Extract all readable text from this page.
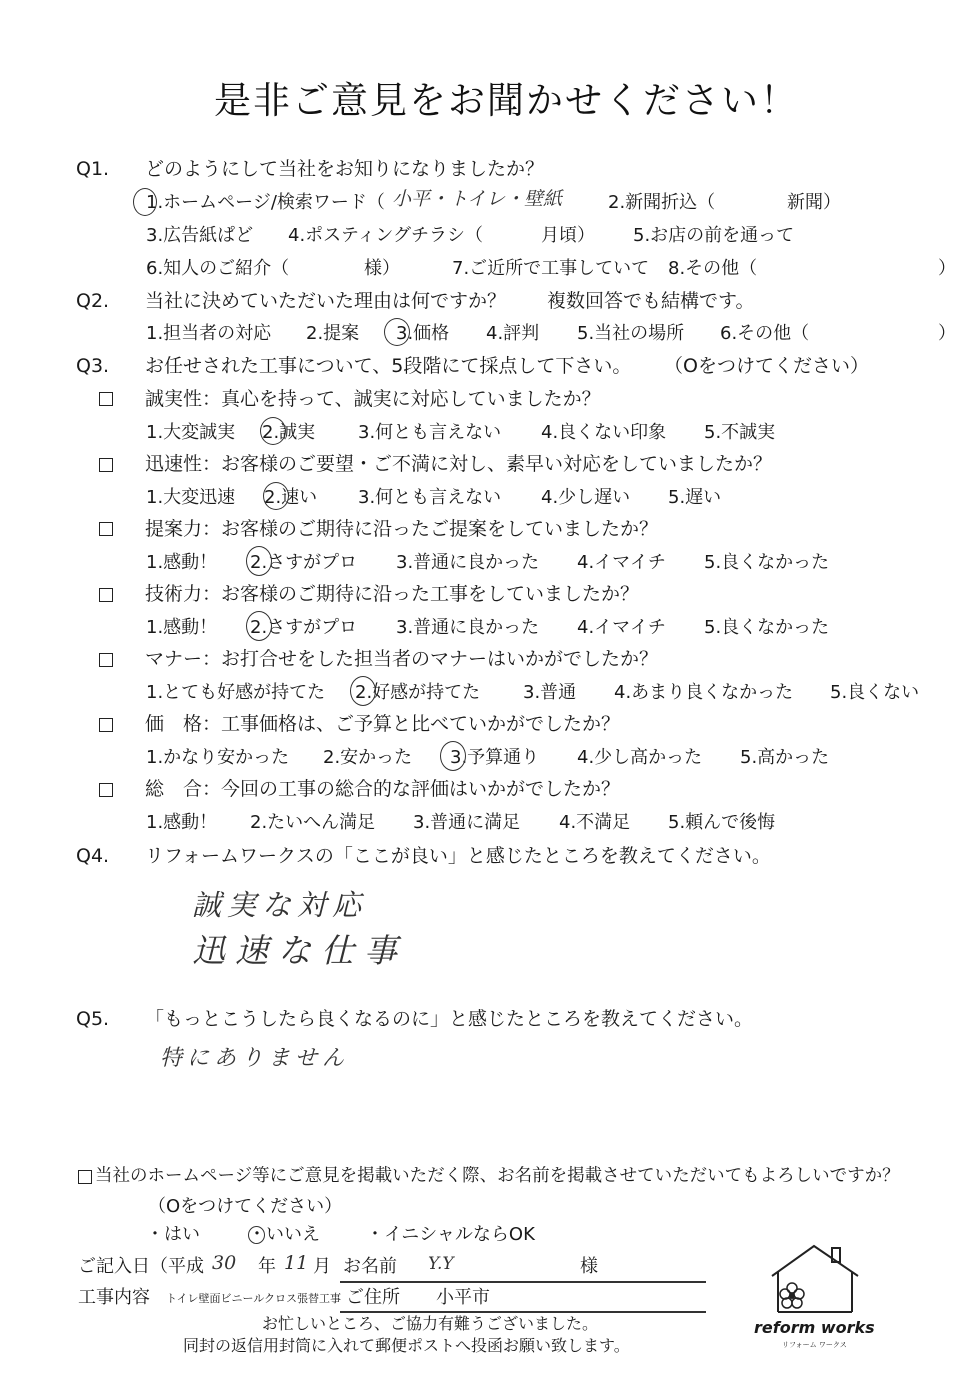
是非ご意見をお聞かせください！
Q1. どのようにして当社をお知りになりましたか？
1.ホームページ/検索ワード（ 小平・トイレ・壁紙	2.新聞折込（	新聞）
3.広告紙ぱど 4.ポスティングチラシ（	月頃） 5.お店の前を通って
6.知人のご紹介（	様）	7.ご近所で工事していて 8.その他（	）
Q2. 当社に決めていただいた理由は何ですか？ 複数回答でも結構です。
1.担当者の対応 2.提案 3.価格 4.評判 5.当社の場所 6.その他（	）
Q3. お任せされた工事について、5段階にて採点して下さい。 （Oをつけてください）
誠実性：真心を持って、誠実に対応していましたか？
1.大変誠実 2.誠実 3.何とも言えない 4.良くない印象 5.不誠実
迅速性：お客様のご要望・ご不満に対し、素早い対応をしていましたか？
1.大変迅速 2.速い 3.何とも言えない 4.少し遅い 5.遅い
提案力：お客様のご期待に沿ったご提案をしていましたか？
1.感動！ 2.さすがプロ 3.普通に良かった 4.イマイチ 5.良くなかった
技術力：お客様のご期待に沿った工事をしていましたか？
1.感動！ 2.さすがプロ 3.普通に良かった 4.イマイチ 5.良くなかった
マナー：お打合せをした担当者のマナーはいかがでしたか？
1.とても好感が持てた 2.好感が持てた 3.普通 4.あまり良くなかった 5.良くない
価　格：工事価格は、ご予算と比べていかがでしたか？
1.かなり安かった 2.安かった 3.予算通り 4.少し高かった 5.高かった
総　合：今回の工事の総合的な評価はいかがでしたか？
1.感動！ 2.たいへん満足 3.普通に満足 4.不満足 5.頼んで後悔
Q4. リフォームワークスの「ここが良い」と感じたところを教えてください。
誠実な対応
迅速な仕事
Q5. 「もっとこうしたら良くなるのに」と感じたところを教えてください。
特にありません
当社のホームページ等にご意見を掲載いただく際、お名前を掲載させていただいてもよろしいですか？
（Oをつけてください）
・はい	・いいえ	・イニシャルならOK
ご記入日（平成 30 年 11 月 お名前 Y.Y	様
工事内容 トイレ壁面ビニールクロス張替工事 ご住所 小平市
お忙しいところ、ご協力有難うございました。
同封の返信用封筒に入れて郵便ポストへ投函お願い致します。
reform works
リフォーム ワークス
